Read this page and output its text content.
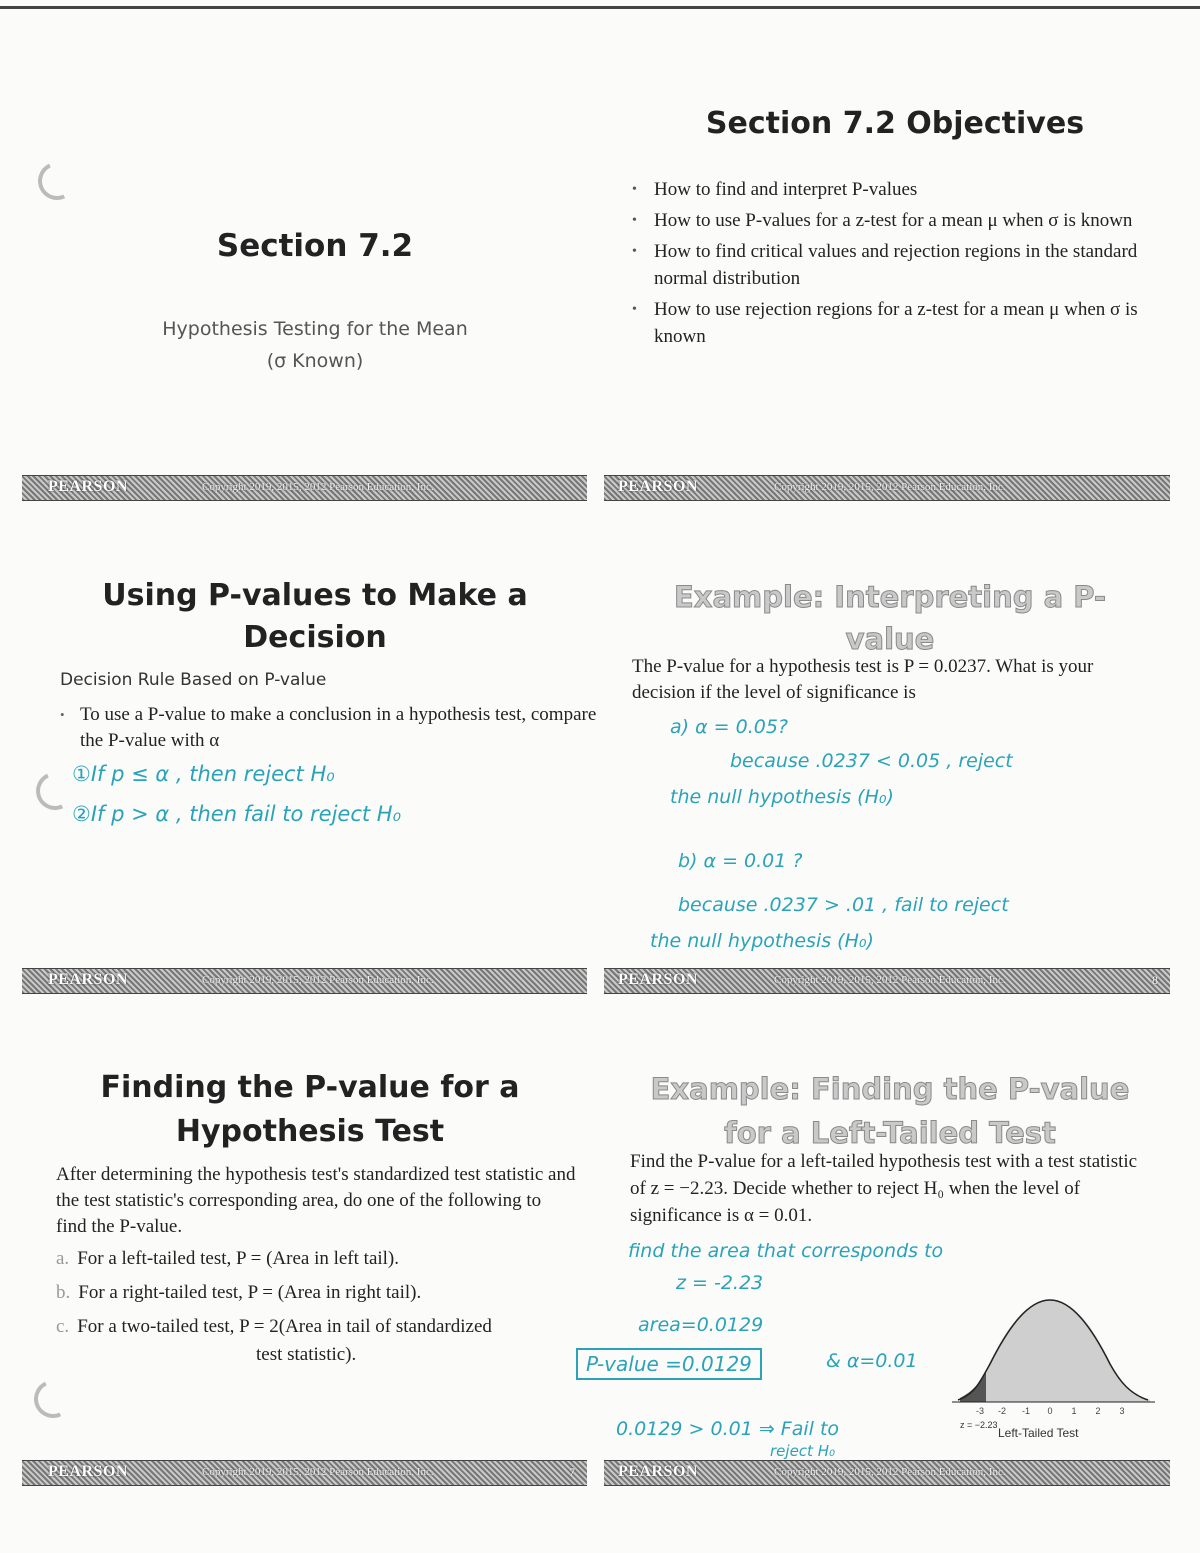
Section 7.2
Hypothesis Testing for the Mean
(σ Known)
PEARSON	Copyright 2019, 2015, 2012 Pearson Education, Inc.
Section 7.2 Objectives
• How to find and interpret P-values
• How to use P-values for a z-test for a mean μ when σ is known
• How to find critical values and rejection regions in the standard normal distribution
• How to use rejection regions for a z-test for a mean μ when σ is known
PEARSON	Copyright 2019, 2015, 2012 Pearson Education, Inc.
Using P-values to Make a
Decision
Decision Rule Based on P-value
• To use a P-value to make a conclusion in a hypothesis test, compare the P-value with α
①If p ≤ α , then reject H₀
②If p > α , then fail to reject H₀
PEARSON	Copyright 2019, 2015, 2012 Pearson Education, Inc.
Example: Interpreting a P-
value
The P-value for a hypothesis test is P = 0.0237. What is your decision if the level of significance is
a) α = 0.05?
because .0237 < 0.05 , reject
the null hypothesis (H₀)
b) α = 0.01 ?
because .0237 > .01 , fail to reject
the null hypothesis (H₀)
PEARSON	Copyright 2019, 2015, 2012 Pearson Education, Inc.	8
Finding the P-value for a
Hypothesis Test
After determining the hypothesis test's standardized test statistic and the test statistic's corresponding area, do one of the following to find the P-value.
a. For a left-tailed test, P = (Area in left tail).
b. For a right-tailed test, P = (Area in right tail).
c. For a two-tailed test, P = 2(Area in tail of standardized
test statistic).
PEARSON	Copyright 2019, 2015, 2012 Pearson Education, Inc.	7
Example: Finding the P-value
for a Left-Tailed Test
Find the P-value for a left-tailed hypothesis test with a test statistic of z = −2.23. Decide whether to reject H₀ when the level of significance is α = 0.01.
find the area that corresponds to
z = -2.23
area=0.0129
P-value =0.0129	& α=0.01
0.0129 > 0.01 ⇒ Fail to
reject H₀
-3 -2 -1 0 1 2 3
z = −2.23
Left-Tailed Test
PEARSON	Copyright 2019, 2015, 2012 Pearson Education, Inc.
